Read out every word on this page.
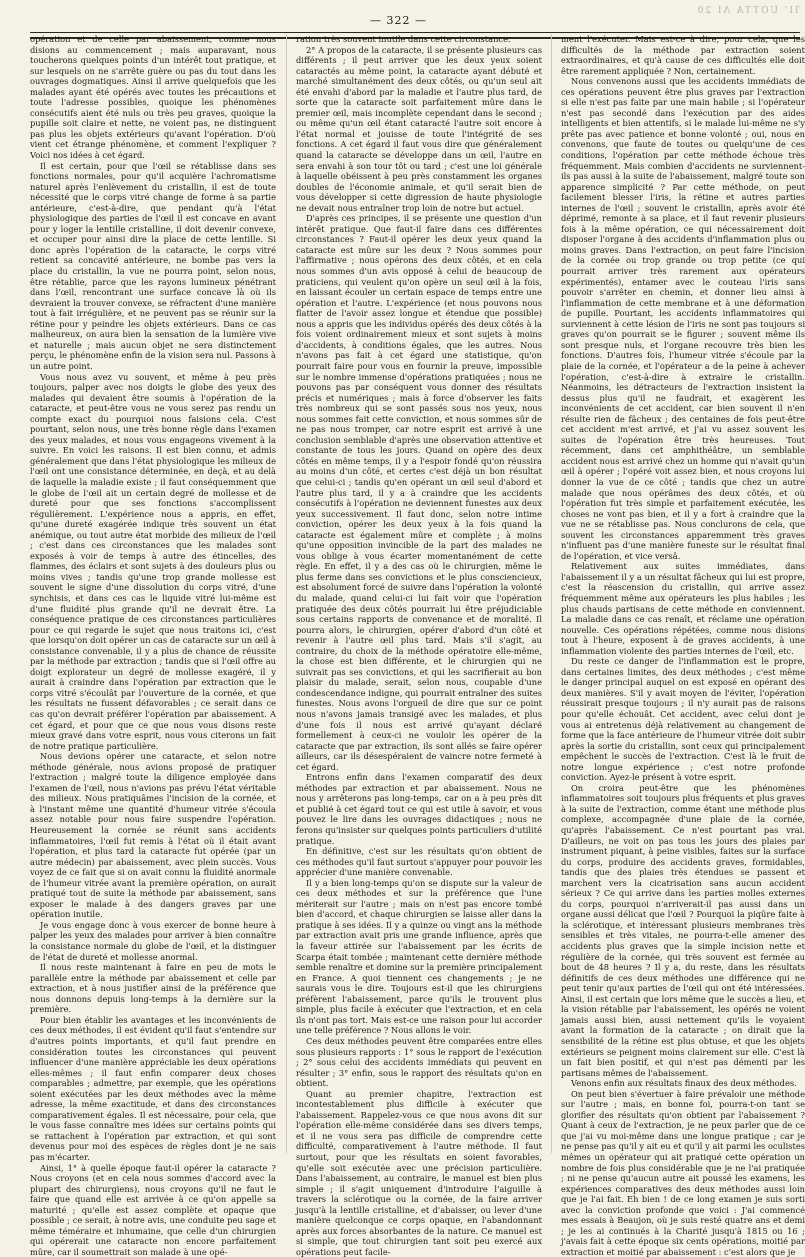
ΊΙ' UOTTA ΛΙ 20
— 322 —

opération et de celle par abaissement, comme nous disions au commencement ; mais auparavant, nous toucherons quelques points d'un intérêt tout pratique, et sur lesquels on ne s'arrête guère ou pas du tout dans les ouvrages dogmatiques. Ainsi il arrive quelquefois que les malades ayant été opérés avec toutes les précautions et toute l'adresse possibles, quoique les phénomènes consécutifs aient été nuls ou très peu graves, quoique la pupille soit claire et nette, ne voient pas, ne distinguent pas plus les objets extérieurs qu'avant l'opération. D'où vient cet étrange phénomène, et comment l'expliquer ? Voici nos idées à cet égard.

Il est certain, pour que l'œil se rétablisse dans ses fonctions normales, pour qu'il acquière l'achromatisme naturel après l'enlèvement du cristallin, il est de toute nécessité que le corps vitré change de forme à sa partie antérieure, c'est-à-dire, que pendant qu'à l'état physiologique des parties de l'œil il est concave en avant pour y loger la lentille cristalline, il doit devenir convexe, et occuper pour ainsi dire la place de cette lentille. Si donc après l'opération de la cataracte, le corps vitré retient sa concavité antérieure, ne bombe pas vers la place du cristallin, la vue ne pourra point, selon nous, être rétablie, parce que les rayons lumineux pénétrant dans l'œil, rencontrant une surface concave là où ils devraient la trouver convexe, se réfractent d'une manière tout à fait irrégulière, et ne peuvent pas se réunir sur la rétine pour y peindre les objets extérieurs. Dans ce cas malheureux, on aura bien la sensation de la lumière vive et naturelle ; mais aucun objet ne sera distinctement perçu, le phénomène enfin de la vision sera nul. Passons à un autre point.

Vous nous avez vu souvent, et même à peu près toujours, palper avec nos doigts le globe des yeux des malades qui devaient être soumis à l'opération de la cataracte, et peut-être vous ne vous serez pas rendu un compte exact du pourquoi nous faisions cela. C'est pourtant, selon nous, une très bonne règle dans l'examen des yeux malades, et nous vous engageons vivement à la suivre. En voici les raisons. Il est bien connu, et admis généralement que dans l'état physiologique les milieux de l'œil ont une consistance déterminée, en deçà, et au delà de laquelle la maladie existe ; il faut conséquemment que le globe de l'œil ait un certain degré de mollesse et de dureté pour que ses fonctions s'accomplissent régulièrement. L'expérience nous a appris, en effet, qu'une dureté exagérée indique très souvent un état anémique, ou tout autre état morbide des milieux de l'œil ; c'est dans ces circonstances que les malades sont exposés à voir de temps à autre des étincelles, des flammes, des éclairs et sont sujets à des douleurs plus ou moins vives ; tandis qu'une trop grande mollesse est souvent le signe d'une dissolution du corps vitré, d'une synchisis, et dans ces cas le liquide vitré lui-même est d'une fluidité plus grande qu'il ne devrait être. La conséquence pratique de ces circonstances particulières pour ce qui regarde le sujet que nous traitons ici, c'est que lorsqu'on doit opérer un cas de cataracte sur un œil à consistance convenable, il y a plus de chance de réussite par la méthode par extraction ; tandis que si l'œil offre au doigt explorateur un degré de mollesse exagéré, il y aurait à craindre dans l'opération par extraction que le corps vitré s'écoulât par l'ouverture de la cornée, et que les résultats ne fussent défavorables ; ce serait dans ce cas qu'on devrait préférer l'opération par abaissement. A cet égard, et pour que ce que nous vous disons reste mieux gravé dans votre esprit, nous vous citerons un fait de notre pratique particulière.

Nous devions opérer une cataracte, et selon notre méthode générale, nous avions proposé de pratiquer l'extraction ; malgré toute la diligence employée dans l'examen de l'œil, nous n'avions pas prévu l'état véritable des milieux. Nous pratiquâmes l'incision de la cornée, et à l'instant même une quantité d'humeur vitrée s'écoula assez notable pour nous faire suspendre l'opération. Heureusement la cornée se réunit sans accidents inflammatoires, l'œil fut remis à l'état où il était avant l'opération, et plus tard la cataracte fut opérée (par un autre médecin) par abaissement, avec plein succès. Vous voyez de ce fait que si on avait connu la fluidité anormale de l'humeur vitrée avant la première opération, on aurait pratiqué tout de suite la méthode par abaissement, sans exposer le malade à des dangers graves par une opération inutile.

Je vous engage donc à vous exercer de bonne heure à palper les yeux des malades pour arriver à bien connaître la consistance normale du globe de l'œil, et la distinguer de l'état de dureté et mollesse anormal.

Il nous reste maintenant à faire en peu de mots le parallèle entre la méthode par abaissement et celle par extraction, et à nous justifier ainsi de la préférence que nous donnons depuis long-temps à la dernière sur la première.

Pour bien établir les avantages et les inconvénients de ces deux méthodes, il est évident qu'il faut s'entendre sur d'autres points importants, et qu'il faut prendre en considération toutes les circonstances qui peuvent influencer d'une manière appréciable les deux opérations elles-mêmes ; il faut enfin comparer deux choses comparables ; admettre, par exemple, que les opérations soient exécutées par les deux méthodes avec la même adresse, la même exactitude, et dans des circonstances comparativement égales. Il est nécessaire, pour cela, que le vous fasse connaître mes idées sur certains points qui se rattachent à l'opération par extraction, et qui sont devenus pour moi des espèces de règles dont je ne sais pas m'écarter.

Ainsi, 1° à quelle époque faut-il opérer la cataracte ? Nous croyons (et en cela nous sommes d'accord avec la plupart des chirurgiens), nous croyons qu'il ne faut le faire que quand elle est arrivée à ce qu'on appelle sa maturité ; qu'elle est assez complète et opaque que possible ; ce serait, à notre avis, une conduite peu sage et même téméraire et inhumaine, que celle d'un chirurgien qui opérerait une cataracte non encore parfaitement mûre, car il soumettrait son malade à une opé-

ration très souvent inutile dans cette circonstance.

2° A propos de la cataracte, il se présente plusieurs cas différents ; il peut arriver que les deux yeux soient cataractés au même point, la cataracte ayant débuté et marché simultanément des deux côtés, ou qu'un seul ait été envahi d'abord par la maladie et l'autre plus tard, de sorte que la cataracte soit parfaitement mûre dans le premier œil, mais incomplète cependant dans le second ; ou même qu'un œil étant cataracté l'autre soit encore à l'état normal et jouisse de toute l'intégrité de ses fonctions. A cet égard il faut vous dire que généralement quand la cataracte se développe dans un œil, l'autre en sera envahi à son tour tôt ou tard ; c'est une loi générale à laquelle obéissent à peu près constamment les organes doubles de l'économie animale, et qu'il serait bien de vous développer si cette digression de haute physiologie ne devait nous entraîner trop loin de notre but actuel.

D'après ces principes, il se présente une question d'un intérêt pratique. Que faut-il faire dans ces différentes circonstances ? Faut-il opérer les deux yeux quand la cataracte est mûre sur les deux ? Nous sommes pour l'affirmative ; nous opérons des deux côtés, et en cela nous sommes d'un avis opposé à celui de beaucoup de praticiens, qui veulent qu'on opère un seul œil à la fois, en laissant écouler un certain espace de temps entre une opération et l'autre. L'expérience (et nous pouvons nous flatter de l'avoir assez longue et étendue que possible) nous a appris que les individus opérés des deux côtés à la fois voient ordinairement mieux et sont sujets à moins d'accidents, à conditions égales, que les autres. Nous n'avons pas fait à cet égard une statistique, qu'on pourrait faire pour vous en fournir la preuve, impossible sur le nombre immense d'opérations pratiquées ; nous ne pouvons pas par conséquent vous donner des résultats précis et numériques ; mais à force d'observer les faits très nombreux qui se sont passés sous nos yeux, nous nous sommes fait cette conviction, et nous sommes sûr de ne pas nous tromper, car notre esprit est arrivé à une conclusion semblable d'après une observation attentive et constante de tous les jours. Quand on opère des deux côtés en même temps, il y a l'espoir fondé qu'on réussira au moins d'un côté, et certes c'est déjà un bon résultat que celui-ci ; tandis qu'en opérant un œil seul d'abord et l'autre plus tard, il y a à craindre que les accidents consécutifs à l'opération ne deviennent funestes aux deux yeux successivement. Il faut donc, selon notre intime conviction, opérer les deux yeux à la fois quand la cataracte est également mûre et complète ; à moins qu'une opposition invincible de la part des malades ne vous oblige à vous écarter momentanément de cette règle. En effet, il y a des cas où le chirurgien, même le plus ferme dans ses convictions et le plus consciencieux, est absolument forcé de suivre dans l'opération la volonté du malade, quand celui-ci lui fait voir que l'opération pratiquée des deux côtés pourrait lui être préjudiciable sous certains rapports de convenance et de moralité. Il pourra alors, le chirurgien, opérer d'abord d'un côté et revenir à l'autre œil plus tard. Mais s'il s'agit, au contraire, du choix de la méthode opératoire elle-même, la chose est bien différente, et le chirurgien qui ne suivrait pas ses convictions, et qui les sacrifierait au bon plaisir du malade, serait, selon nous, coupable d'une condescendance indigne, qui pourrait entraîner des suites funestes. Nous avons l'orgueil de dire que sur ce point nous n'avons jamais transigé avec les malades, et plus d'une fois il nous est arrivé qu'ayant déclaré formellement à ceux-ci ne vouloir les opérer de la cataracte que par extraction, ils sont allés se faire opérer ailleurs, car ils désespéraient de vaincre notre fermeté à cet égard.

Entrons enfin dans l'examen comparatif des deux méthodes par extraction et par abaissement. Nous ne nous y arrêterons pas long-temps, car on a à peu près dit et publié à cet égard tout ce qui est utile à savoir, et vous pouvez le lire dans les ouvrages didactiques ; nous ne ferons qu'insister sur quelques points particuliers d'utilité pratique.

En définitive, c'est sur les résultats qu'on obtient de ces méthodes qu'il faut surtout s'appuyer pour pouvoir les apprécier d'une manière convenable.

Il y a bien long-temps qu'on se dispute sur la valeur de ces deux méthodes et sur la préférence que l'une mériterait sur l'autre ; mais on n'est pas encore tombé bien d'accord, et chaque chirurgien se laisse aller dans la pratique à ses idées. Il y a quinze ou vingt ans la méthode par extraction avait pris une grande influence, après que la faveur attirée sur l'abaissement par les écrits de Scarpa était tombée ; maintenant cette dernière méthode semble renaître et domine sur la première principalement en France. A quoi tiennent ces changements ; je ne saurais vous le dire. Toujours est-il que les chirurgiens préfèrent l'abaissement, parce qu'ils le trouvent plus simple, plus facile à exécuter que l'extraction, et en cela ils n'ont pas tort. Mais est-ce une raison pour lui accorder une telle préférence ? Nous allons le voir.

Ces deux méthodes peuvent être comparées entre elles sous plusieurs rapports : 1° sous le rapport de l'exécution ; 2° sous celui des accidents immédiats qui peuvent en résulter ; 3° enfin, sous le rapport des résultats qu'on en obtient.

Quant au premier chapitre, l'extraction est incontestablement plus difficile à exécuter que l'abaissement. Rappelez-vous ce que nous avons dit sur l'opération elle-même considérée dans ses divers temps, et il ne vous sera pas difficile de comprendre cette difficulté, comparativement à l'autre méthode. Il faut surtout, pour que les résultats en soient favorables, qu'elle soit exécutée avec une précision particulière. Dans l'abaissement, au contraire, le manuel est bien plus simple ; il s'agit uniquement d'introduire l'aiguille à travers la sclérotique ou la cornée, de la faire arriver jusqu'à la lentille cristalline, et d'abaisser, ou lever d'une manière quelconque ce corps opaque, en l'abandonnant après aux forces absorbantes de la nature. Ce manuel est si simple, que tout chirurgien tant soit peu exercé aux opérations peut facile-

ment l'exécuter. Mais est-ce à dire, pour cela, que les difficultés de la méthode par extraction soient extraordinaires, et qu'à cause de ces difficultés elle doit être rarement appliquée ? Non, certainement.

Nous convenons aussi que les accidents immédiats de ces opérations peuvent être plus graves par l'extraction si elle n'est pas faite par une main habile ; si l'opérateur n'est pas secondé dans l'exécution par des aides intelligents et bien attentifs, si le malade lui-même ne s'y prête pas avec patience et bonne volonté ; oui, nous en convenons, que faute de toutes ou quelqu'une de ces conditions, l'opération par cette méthode échoue très fréquemment. Mais combien d'accidents ne surviennent-ils pas aussi à la suite de l'abaissement, malgré toute son apparence simplicité ? Par cette méthode, on peut facilement blesser l'iris, la rétine et autres parties internes de l'œil ; souvent le cristallin, après avoir été déprimé, remonte à sa place, et il faut revenir plusieurs fois à la même opération, ce qui nécessairement doit disposer l'organe à des accidents d'inflammation plus ou moins graves. Dans l'extraction, on peut faire l'incision de la cornée ou trop grande ou trop petite (ce qui pourrait arriver très rarement aux opérateurs expérimentés), entamer avec le couteau l'iris sans pouvoir s'arrêter en chemin, et donner lieu ainsi à l'inflammation de cette membrane et à une déformation de pupille. Pourtant, les accidents inflammatoires qui surviennent à cette lésion de l'iris ne sont pas toujours si graves qu'on pourrait se le figurer ; souvent même ils sont presque nuls, et l'organe recouvre très bien les fonctions. D'autres fois, l'humeur vitrée s'écoule par la plaie de la cornée, et l'opérateur a de la peine à achever l'opération, c'est-à-dire à extraire le cristallin. Néanmoins, les détracteurs de l'extraction insistent la dessus plus qu'il ne faudrait, et exagèrent les inconvénients de cet accident, car bien souvent il n'en résulte rien de fâcheux ; des centaines de fois peut-être cet accident m'est arrivé, et j'ai vu assez souvent les suites de l'opération être très heureuses. Tout récemment, dans cet amphithéâtre, un semblable accident nous est arrivé chez un homme qui n'avait qu'un œil à opérer ; l'opéré voit assez bien, et nous croyons lui donner la vue de ce côté ; tandis que chez un autre malade que nous opérâmes des deux côtés, et où l'opération fut très simple et parfaitement exécutée, les choses ne vont pas bien, et il y a fort à craindre que la vue ne se rétablisse pas. Nous conclurons de cela, que souvent les circonstances apparemment très graves n'influent pas d'une manière funeste sur le résultat final de l'opération, et vice versâ.

Relativement aux suites immédiates, dans l'abaissement il y a un résultat fâcheux qui lui est propre, c'est la réascension du cristallin, qui arrive assez fréquemment même aux opérateurs les plus habiles ; les plus chauds partisans de cette méthode en conviennent. La maladie dans ce cas renaît, et réclame une opération nouvelle. Ces opérations répétées, comme nous disions tout à l'heure, exposent à de graves accidents, à une inflammation violente des parties internes de l'œil, etc.

Du reste ce danger de l'inflammation est le propre, dans certaines limites, des deux méthodes ; c'est même le danger principal auquel on est exposé en opérant des deux manières. S'il y avait moyen de l'éviter, l'opération réussirait presque toujours ; il n'y aurait pas de raisons pour qu'elle échouât. Cet accident, avec celui dont je vous ai entretenus déjà relativement au changement de forme que la face antérieure de l'humeur vitrée doit subir après la sortie du cristallin, sont ceux qui principalement empêchent le succès de l'extraction. C'est là le fruit de notre longue expérience ; c'est notre profonde conviction. Ayez-le présent à votre esprit.

On croira peut-être que les phénomènes inflammatoires soit toujours plus fréquents et plus graves à la suite de l'extraction, comme étant une méthode plus complexe, accompagnée d'une plaie de la cornée, qu'après l'abaissement. Ce n'est pourtant pas vrai. D'ailleurs, ne voit on pas tous les jours des plaies par instrument piquant, à peine visibles, faites sur la surface du corps, produire des accidents graves, formidables, tandis que des plaies très étendues se passent et marchent vers la cicatrisation sans aucun accident sérieux ? Ce qui arrive dans les parties molles externes du corps, pourquoi n'arriverait-il pas aussi dans un organe aussi délicat que l'œil ? Pourquoi la piqûre faite à la sclérotique, et intéressant plusieurs membranes très sensibles et très vitales, ne pourra-t-elle amener des accidents plus graves que la simple incision nette et régulière de la cornée, qui très souvent est fermée au bout de 48 heures ? Il y a, du reste, dans les résultats définitifs de ces deux méthodes une différence qui ne peut tenir qu'aux parties de l'œil qui ont été intéressées. Ainsi, il est certain que lors même que le succès a lieu, et la vision rétablie par l'abaissement, les opérés ne voient jamais aussi bien, aussi nettement qu'ils le voyaient avant la formation de la cataracte ; on dirait que la sensibilité de la rétine est plus obtuse, et que les objets extérieurs se peignent moins clairement sur elle. C'est là un fait bien positif, et qui n'est pas démenti par les partisans mêmes de l'abaissement.

Venons enfin aux résultats finaux des deux méthodes.

On peut bien s'évertuer à faire prévaloir une méthode sur l'autre ; mais, en bonne foi, pourra-t-on tant se glorifier des résultats qu'on obtient par l'abaissement ? Quant à ceux de l'extraction, je ne peux parler que de ce que j'ai vu moi-même dans une longue pratique ; car je ne pense pas qu'il y ait eu et qu'il y ait parmi les oculistes mêmes un opérateur qui ait pratiqué cette opération un nombre de fois plus considérable que je ne l'ai pratiquée ; ni ne pense qu'aucun autre ait poussé les examens, les expériences comparatives des deux méthodes aussi loin que je l'ai fait. Eh bien ! de ce long examen je suis sorti avec la conviction profonde que voici : J'ai commencé mes essais à Beaujon, où je suis resté quatre ans et demi ; je les ai continués à la Charité jusqu'à 1815 ou 16 ; j'avais fait à cette époque six cents opérations, moitié par extraction et moitié par abaissement : c'est alors que je
